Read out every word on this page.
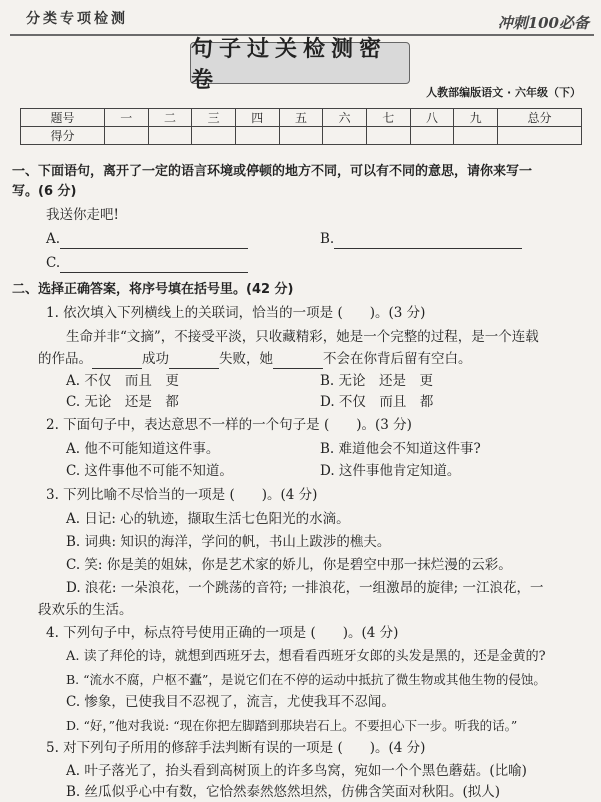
分类专项检测	冲刺100必备
句子过关检测密卷	人教部编版语文 · 六年级（下）
题号	一	二	三	四	五	六	七	八	九	总分
得分										
一、下面语句，离开了一定的语言环境或停顿的地方不同，可以有不同的意思，请你来写一
写。(6 分)
我送你走吧!
A.	B.
C.
二、选择正确答案，将序号填在括号里。(42 分)
1. 依次填入下列横线上的关联词，恰当的一项是 (　　)。(3 分)
生命并非“文摘”，不接受平淡，只收藏精彩，她是一个完整的过程，是一个连载
的作品。	成功	失败，她	不会在你背后留有空白。
A. 不仅　而且　更	B. 无论　还是　更
C. 无论　还是　都	D. 不仅　而且　都
2. 下面句子中，表达意思不一样的一个句子是 (　　)。(3 分)
A. 他不可能知道这件事。	B. 难道他会不知道这件事?
C. 这件事他不可能不知道。	D. 这件事他肯定知道。
3. 下列比喻不尽恰当的一项是 (　　)。(4 分)
A. 日记: 心的轨迹，撷取生活七色阳光的水滴。
B. 词典: 知识的海洋，学问的帆，书山上跋涉的樵夫。
C. 笑: 你是美的姐妹，你是艺术家的娇儿，你是碧空中那一抹烂漫的云彩。
D. 浪花: 一朵浪花，一个跳荡的音符; 一排浪花，一组激昂的旋律; 一江浪花，一
段欢乐的生活。
4. 下列句子中，标点符号使用正确的一项是 (　　)。(4 分)
A. 读了拜伦的诗，就想到西班牙去，想看看西班牙女郎的头发是黑的，还是金黄的?
B. “流水不腐，户枢不蠹”，是说它们在不停的运动中抵抗了微生物或其他生物的侵蚀。
C. 惨象，已使我目不忍视了，流言，尤使我耳不忍闻。
D. “好，”他对我说: “现在你把左脚踏到那块岩石上。不要担心下一步。听我的话。”
5. 对下列句子所用的修辞手法判断有误的一项是 (　　)。(4 分)
A. 叶子落光了，抬头看到高树顶上的许多鸟窝，宛如一个个黑色蘑菇。(比喻)
B. 丝瓜似乎心中有数，它恰然泰然悠然坦然，仿佛含笑面对秋阳。(拟人)
